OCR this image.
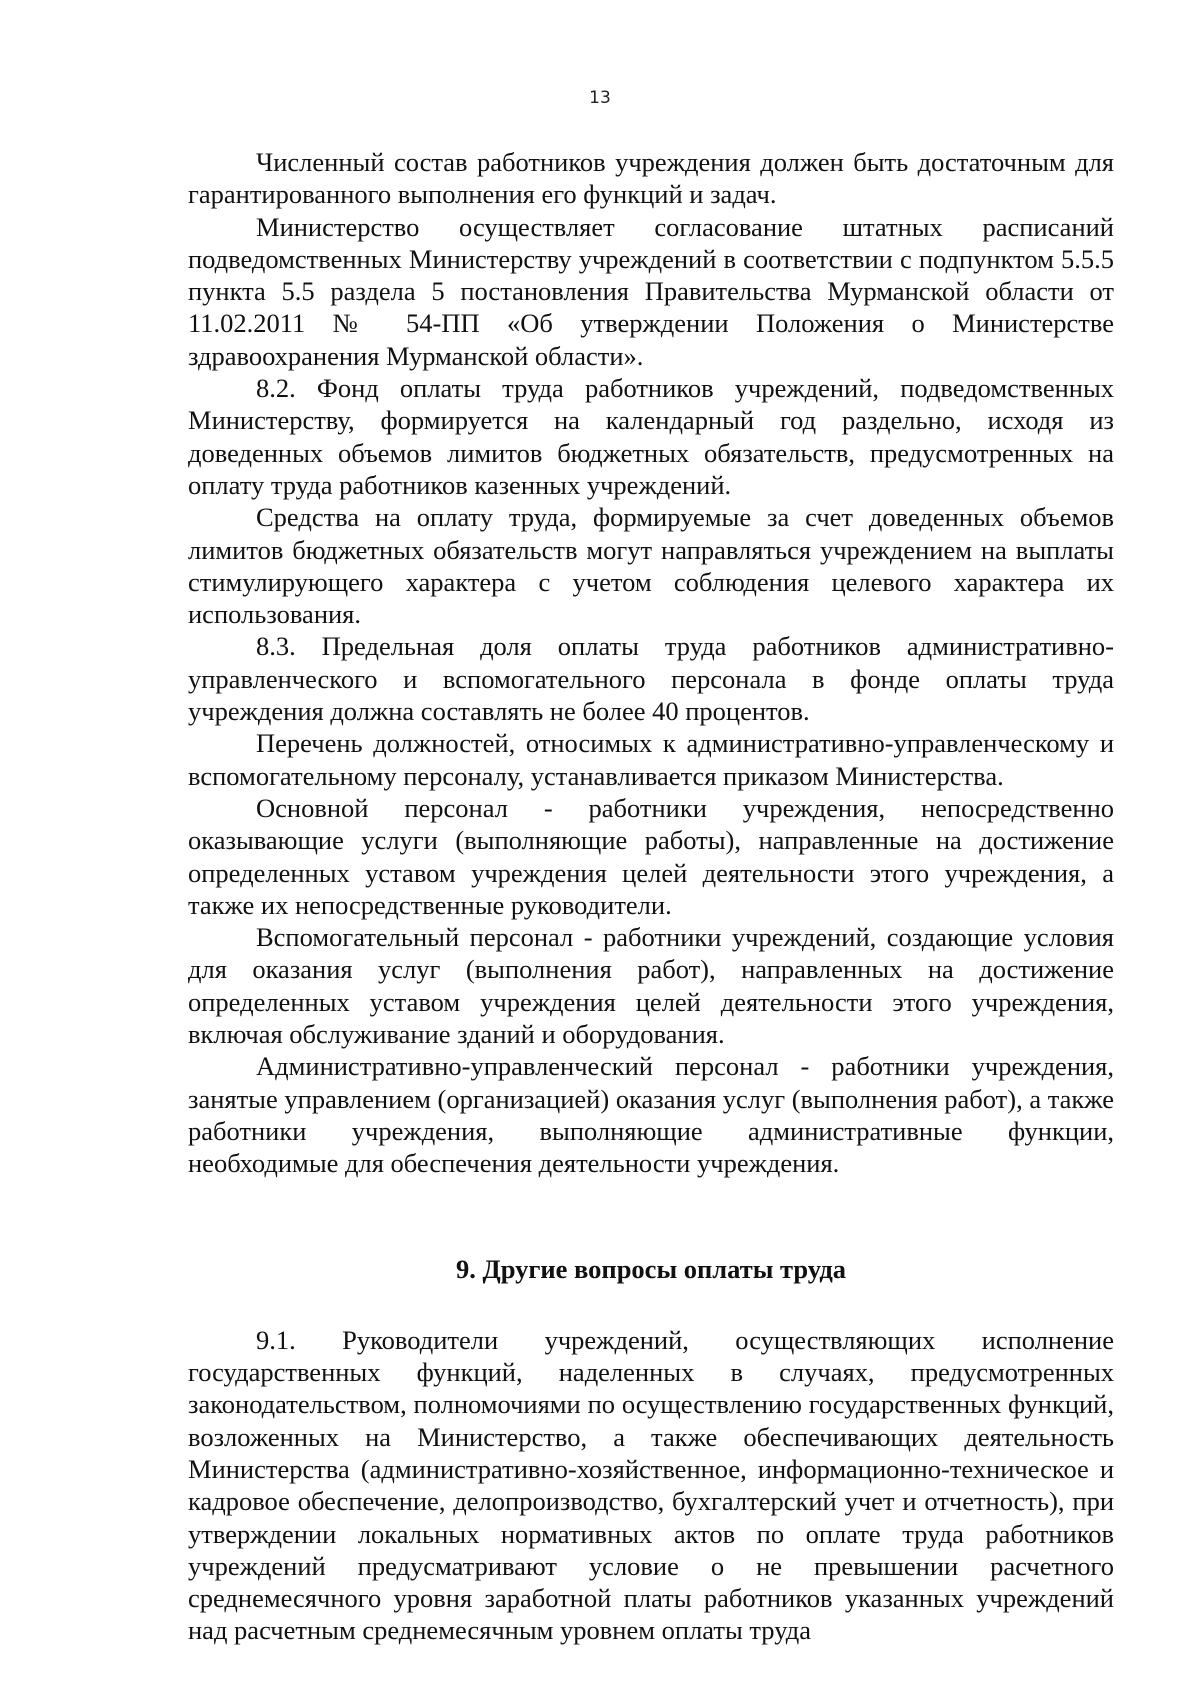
13

Численный состав работников учреждения должен быть достаточным для гарантированного выполнения его функций и задач.

Министерство осуществляет согласование штатных расписаний подведомственных Министерству учреждений в соответствии с подпунктом 5.5.5 пункта 5.5 раздела 5 постановления Правительства Мурманской области от 11.02.2011 № 54-ПП «Об утверждении Положения о Министерстве здравоохранения Мурманской области».

8.2. Фонд оплаты труда работников учреждений, подведомственных Министерству, формируется на календарный год раздельно, исходя из доведенных объемов лимитов бюджетных обязательств, предусмотренных на оплату труда работников казенных учреждений.

Средства на оплату труда, формируемые за счет доведенных объемов лимитов бюджетных обязательств могут направляться учреждением на выплаты стимулирующего характера с учетом соблюдения целевого характера их использования.

8.3. Предельная доля оплаты труда работников административно-управленческого и вспомогательного персонала в фонде оплаты труда учреждения должна составлять не более 40 процентов.

Перечень должностей, относимых к административно-управленческому и вспомогательному персоналу, устанавливается приказом Министерства.

Основной персонал - работники учреждения, непосредственно оказывающие услуги (выполняющие работы), направленные на достижение определенных уставом учреждения целей деятельности этого учреждения, а также их непосредственные руководители.

Вспомогательный персонал - работники учреждений, создающие условия для оказания услуг (выполнения работ), направленных на достижение определенных уставом учреждения целей деятельности этого учреждения, включая обслуживание зданий и оборудования.

Административно-управленческий персонал - работники учреждения, занятые управлением (организацией) оказания услуг (выполнения работ), а также работники учреждения, выполняющие административные функции, необходимые для обеспечения деятельности учреждения.

9. Другие вопросы оплаты труда

9.1. Руководители учреждений, осуществляющих исполнение государственных функций, наделенных в случаях, предусмотренных законодательством, полномочиями по осуществлению государственных функций, возложенных на Министерство, а также обеспечивающих деятельность Министерства (административно-хозяйственное, информационно-техническое и кадровое обеспечение, делопроизводство, бухгалтерский учет и отчетность), при утверждении локальных нормативных актов по оплате труда работников учреждений предусматривают условие о не превышении расчетного среднемесячного уровня заработной платы работников указанных учреждений над расчетным среднемесячным уровнем оплаты труда
